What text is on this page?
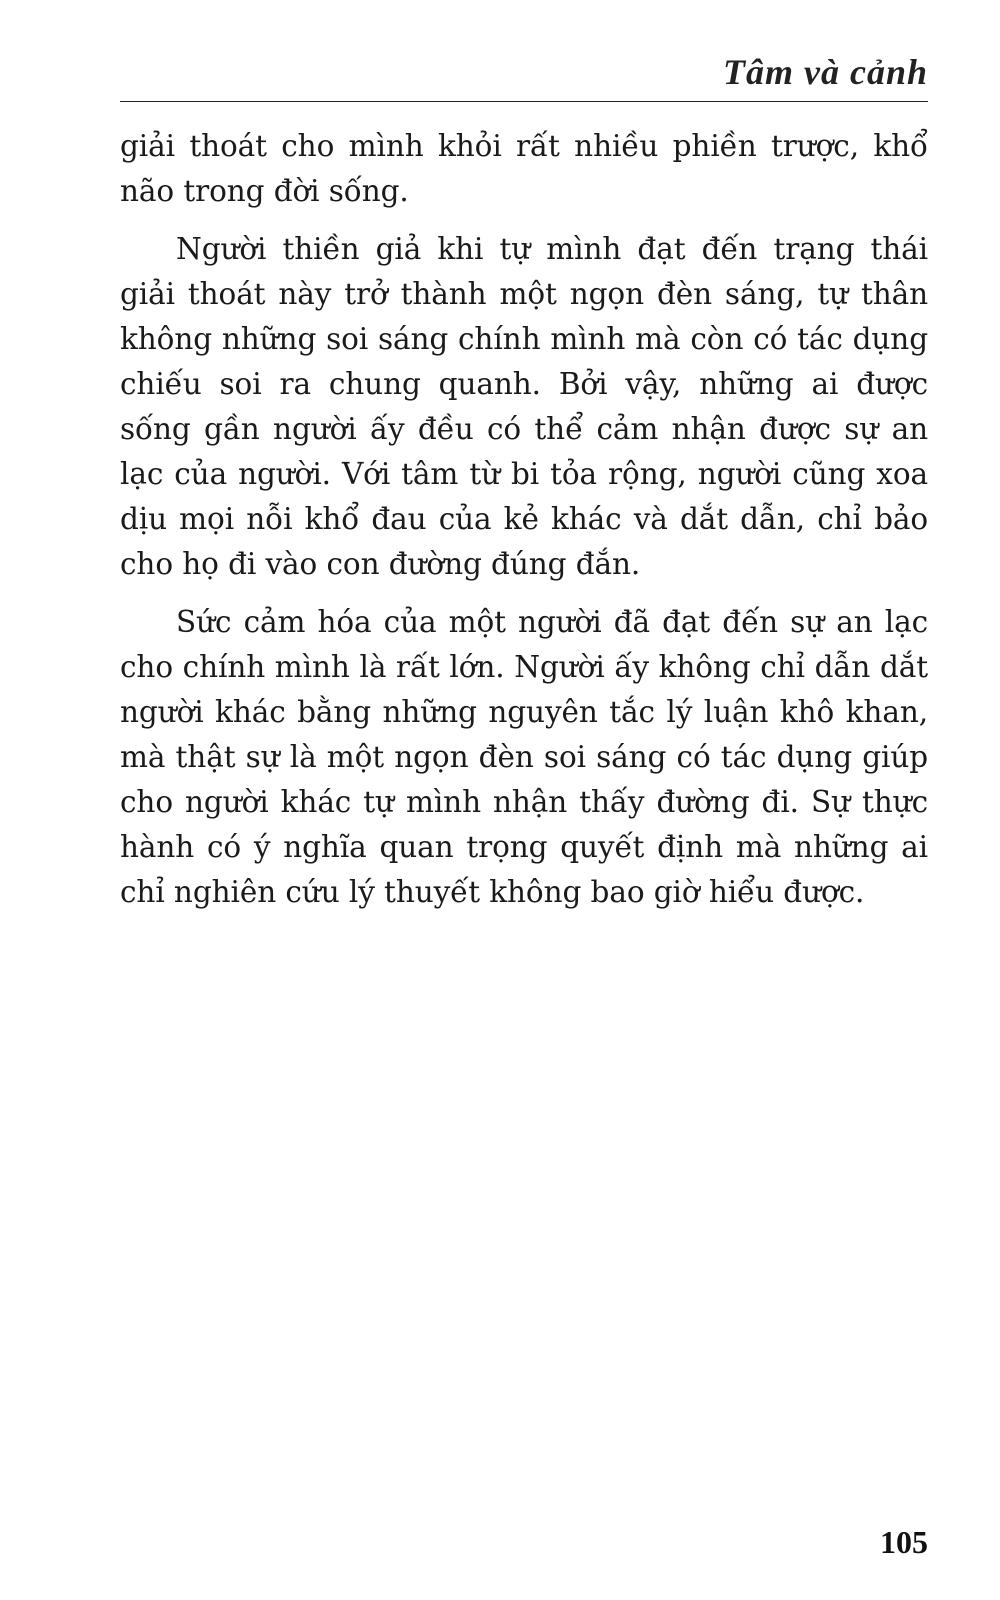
Tâm và cảnh

giải thoát cho mình khỏi rất nhiều phiền trược, khổ não trong đời sống.

Người thiền giả khi tự mình đạt đến trạng thái giải thoát này trở thành một ngọn đèn sáng, tự thân không những soi sáng chính mình mà còn có tác dụng chiếu soi ra chung quanh. Bởi vậy, những ai được sống gần người ấy đều có thể cảm nhận được sự an lạc của người. Với tâm từ bi tỏa rộng, người cũng xoa dịu mọi nỗi khổ đau của kẻ khác và dắt dẫn, chỉ bảo cho họ đi vào con đường đúng đắn.

Sức cảm hóa của một người đã đạt đến sự an lạc cho chính mình là rất lớn. Người ấy không chỉ dẫn dắt người khác bằng những nguyên tắc lý luận khô khan, mà thật sự là một ngọn đèn soi sáng có tác dụng giúp cho người khác tự mình nhận thấy đường đi. Sự thực hành có ý nghĩa quan trọng quyết định mà những ai chỉ nghiên cứu lý thuyết không bao giờ hiểu được.

105
